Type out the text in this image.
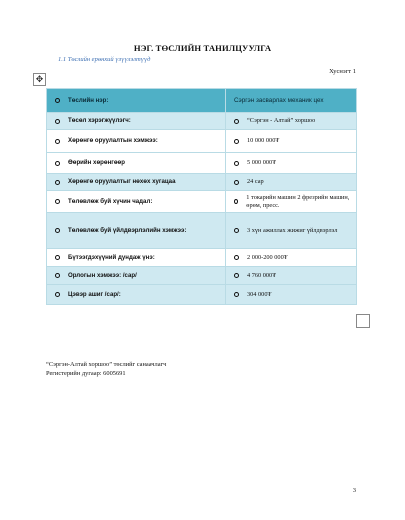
НЭГ. ТӨСЛИЙН ТАНИЛЦУУЛГА
1.1 Төслийн ерөнхий үзүүлэлтүүд
✥
Хуснэгт 1
Төслийн нэр:	Сэргэн засварлах механик цех

Төсөл хэрэгжүүлэгч:	“Сэргэн - Алтай” хоршоо

Хөрөнгө оруулалтын хэмжээ:	10 000 000₮

Өөрийн хөрөнгөөр	5 000 000₮

Хөрөнгө оруулалтыг нөхөх хугацаа	24 сар

Төлөвлөж буй хүчин чадал:	1 токарийн машин 2 фрезрийн машин, өрөм, пресс.

Төлөвлөж буй үйлдвэрлэлийн хэмжээ:	3 хүн ажиллах жижиг үйлдвэрлэл

Бүтээгдэхүүний дундаж үнэ:	2 000-200 000₮

Орлогын хэмжээ: /сар/	4 760 000₮

Цэвэр ашиг /сар/:	304 000₮
“Сэргэн-Алтай хоршоо” төслийг санаачлагч
Регистерийн дугаар: 6005691
3
